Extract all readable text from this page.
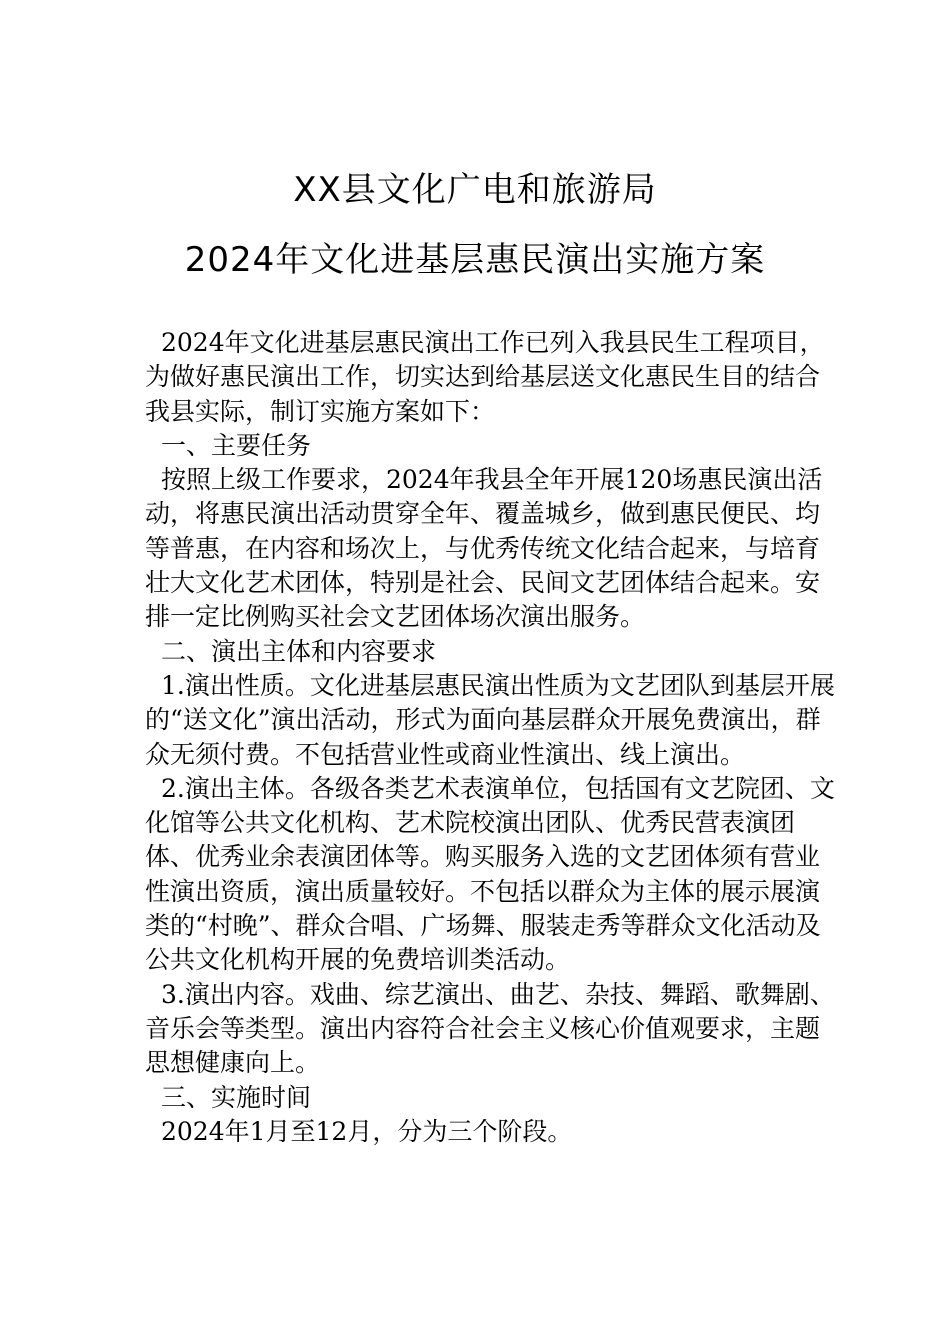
XX县文化广电和旅游局
2024年文化进基层惠民演出实施方案

2024年文化进基层惠民演出工作已列入我县民生工程项目，为做好惠民演出工作，切实达到给基层送文化惠民生目的结合我县实际，制订实施方案如下：

一、主要任务

按照上级工作要求，2024年我县全年开展120场惠民演出活动，将惠民演出活动贯穿全年、覆盖城乡，做到惠民便民、均等普惠，在内容和场次上，与优秀传统文化结合起来，与培育壮大文化艺术团体，特别是社会、民间文艺团体结合起来。安排一定比例购买社会文艺团体场次演出服务。

二、演出主体和内容要求

1.演出性质。文化进基层惠民演出性质为文艺团队到基层开展的“送文化”演出活动，形式为面向基层群众开展免费演出，群众无须付费。不包括营业性或商业性演出、线上演出。

2.演出主体。各级各类艺术表演单位，包括国有文艺院团、文化馆等公共文化机构、艺术院校演出团队、优秀民营表演团体、优秀业余表演团体等。购买服务入选的文艺团体须有营业性演出资质，演出质量较好。不包括以群众为主体的展示展演类的“村晚”、群众合唱、广场舞、服装走秀等群众文化活动及公共文化机构开展的免费培训类活动。

3.演出内容。戏曲、综艺演出、曲艺、杂技、舞蹈、歌舞剧、音乐会等类型。演出内容符合社会主义核心价值观要求，主题思想健康向上。

三、实施时间

2024年1月至12月，分为三个阶段。
